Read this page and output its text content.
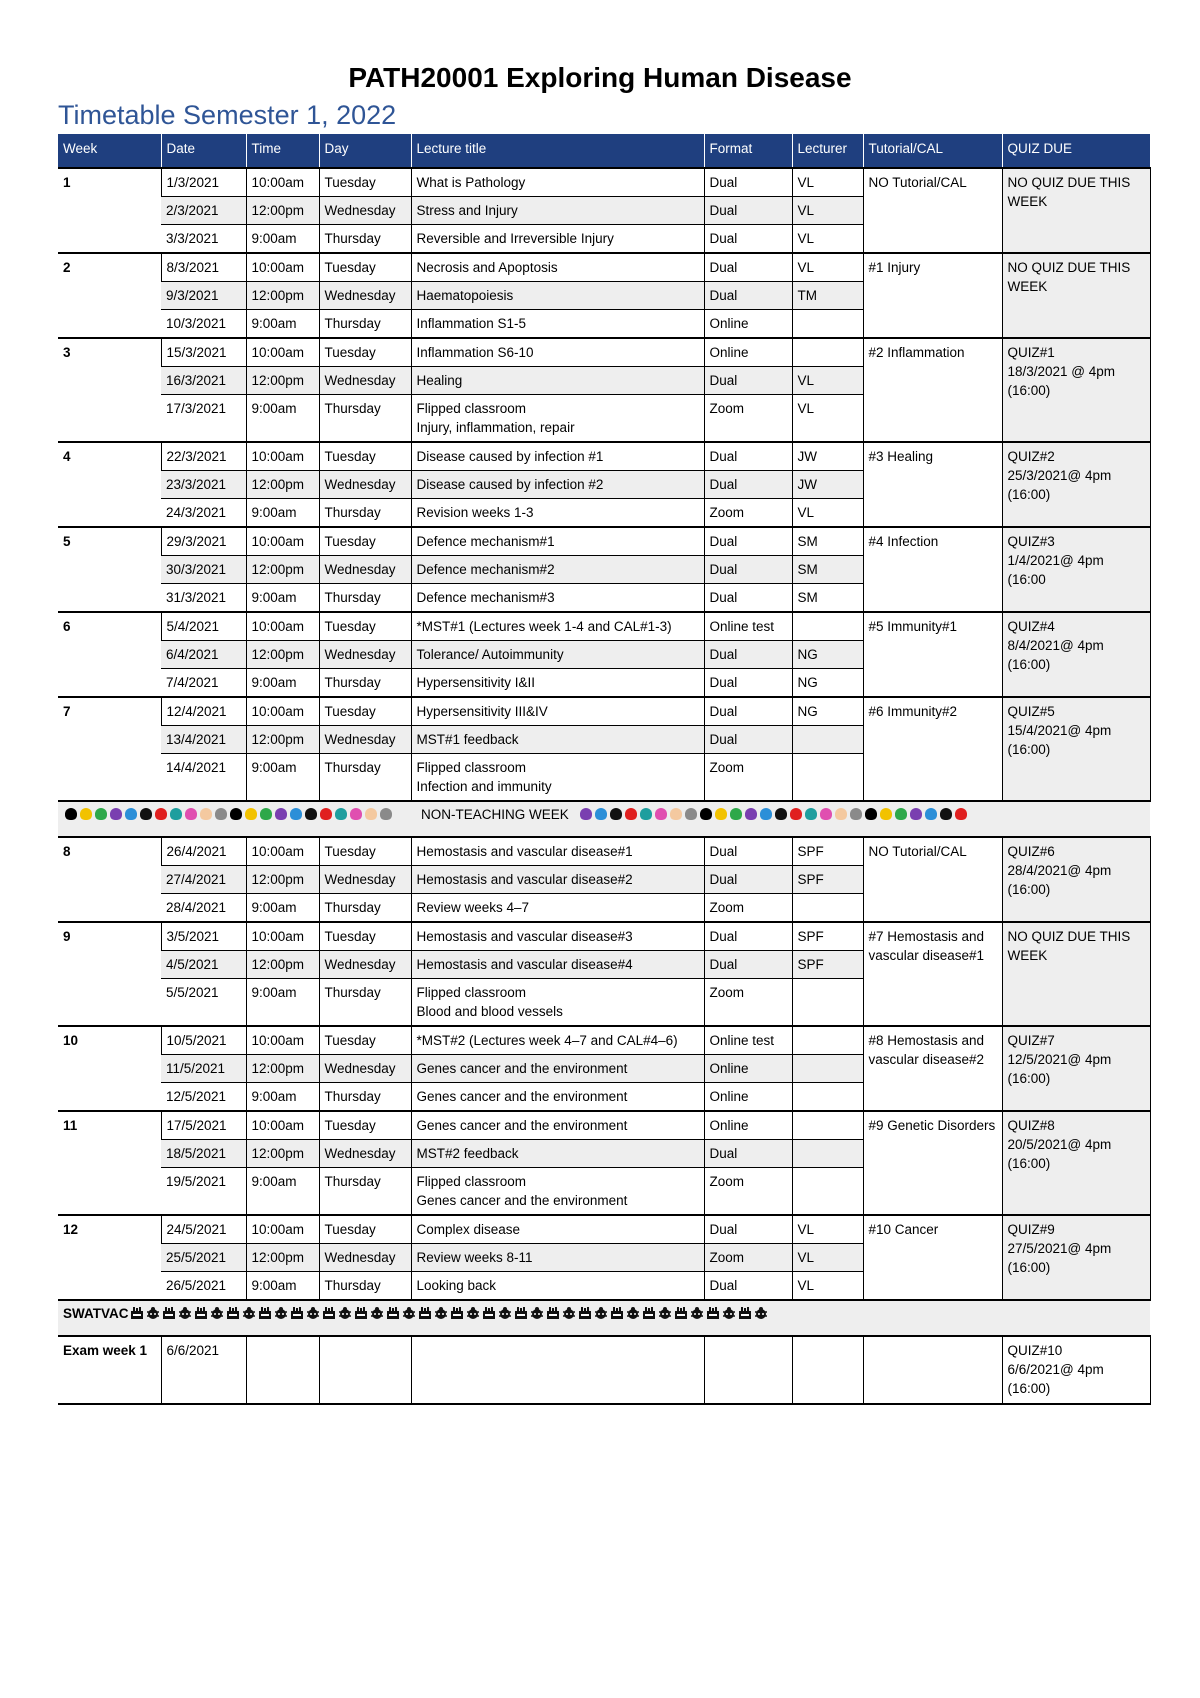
PATH20001 Exploring Human Disease
Timetable Semester 1, 2022
Week	Date	Time	Day	Lecture title	Format	Lecturer	Tutorial/CAL	QUIZ DUE
1	1/3/2021	10:00am	Tuesday	What is Pathology	Dual	VL	NO Tutorial/CAL	NO QUIZ DUE THIS WEEK
	2/3/2021	12:00pm	Wednesday	Stress and Injury	Dual	VL		
	3/3/2021	9:00am	Thursday	Reversible and Irreversible Injury	Dual	VL		
2	8/3/2021	10:00am	Tuesday	Necrosis and Apoptosis	Dual	VL	#1 Injury	NO QUIZ DUE THIS WEEK
	9/3/2021	12:00pm	Wednesday	Haematopoiesis	Dual	TM		
	10/3/2021	9:00am	Thursday	Inflammation S1-5	Online			
3	15/3/2021	10:00am	Tuesday	Inflammation S6-10	Online		#2 Inflammation	QUIZ#1
18/3/2021 @ 4pm
(16:00)
	16/3/2021	12:00pm	Wednesday	Healing	Dual	VL		
	17/3/2021	9:00am	Thursday	Flipped classroom
Injury, inflammation, repair	Zoom	VL		
4	22/3/2021	10:00am	Tuesday	Disease caused by infection #1	Dual	JW	#3 Healing	QUIZ#2
25/3/2021@ 4pm
(16:00)
	23/3/2021	12:00pm	Wednesday	Disease caused by infection #2	Dual	JW		
	24/3/2021	9:00am	Thursday	Revision weeks 1-3	Zoom	VL		
5	29/3/2021	10:00am	Tuesday	Defence mechanism#1	Dual	SM	#4 Infection	QUIZ#3
1/4/2021@ 4pm
(16:00
	30/3/2021	12:00pm	Wednesday	Defence mechanism#2	Dual	SM		
	31/3/2021	9:00am	Thursday	Defence mechanism#3	Dual	SM		
6	5/4/2021	10:00am	Tuesday	*MST#1 (Lectures week 1-4 and CAL#1-3)	Online test		#5 Immunity#1	QUIZ#4
8/4/2021@ 4pm
(16:00)
	6/4/2021	12:00pm	Wednesday	Tolerance/ Autoimmunity	Dual	NG		
	7/4/2021	9:00am	Thursday	Hypersensitivity I&II	Dual	NG		
7	12/4/2021	10:00am	Tuesday	Hypersensitivity III&IV	Dual	NG	#6 Immunity#2	QUIZ#5
15/4/2021@ 4pm
(16:00)
	13/4/2021	12:00pm	Wednesday	MST#1 feedback	Dual			
	14/4/2021	9:00am	Thursday	Flipped classroom
Infection and immunity	Zoom			

NON-TEACHING WEEK								

8	26/4/2021	10:00am	Tuesday	Hemostasis and vascular disease#1	Dual	SPF	NO Tutorial/CAL	QUIZ#6
28/4/2021@ 4pm
(16:00)
	27/4/2021	12:00pm	Wednesday	Hemostasis and vascular disease#2	Dual	SPF		
	28/4/2021	9:00am	Thursday	Review weeks 4–7	Zoom			
9	3/5/2021	10:00am	Tuesday	Hemostasis and vascular disease#3	Dual	SPF	#7 Hemostasis and vascular disease#1	NO QUIZ DUE THIS WEEK
	4/5/2021	12:00pm	Wednesday	Hemostasis and vascular disease#4	Dual	SPF		
	5/5/2021	9:00am	Thursday	Flipped classroom
Blood and blood vessels	Zoom			
10	10/5/2021	10:00am	Tuesday	*MST#2 (Lectures week 4–7 and CAL#4–6)	Online test		#8 Hemostasis and vascular disease#2	QUIZ#7
12/5/2021@ 4pm
(16:00)
	11/5/2021	12:00pm	Wednesday	Genes cancer and the environment	Online			
	12/5/2021	9:00am	Thursday	Genes cancer and the environment	Online			
11	17/5/2021	10:00am	Tuesday	Genes cancer and the environment	Online		#9 Genetic Disorders	QUIZ#8
20/5/2021@ 4pm
(16:00)
	18/5/2021	12:00pm	Wednesday	MST#2 feedback	Dual			
	19/5/2021	9:00am	Thursday	Flipped classroom
Genes cancer and the environment	Zoom			
12	24/5/2021	10:00am	Tuesday	Complex disease	Dual	VL	#10 Cancer	QUIZ#9
27/5/2021@ 4pm
(16:00)
	25/5/2021	12:00pm	Wednesday	Review weeks 8-11	Zoom	VL		
	26/5/2021	9:00am	Thursday	Looking back	Dual	VL		

SWATVAC								

Exam week 1	6/6/2021							QUIZ#10
6/6/2021@ 4pm
(16:00)
